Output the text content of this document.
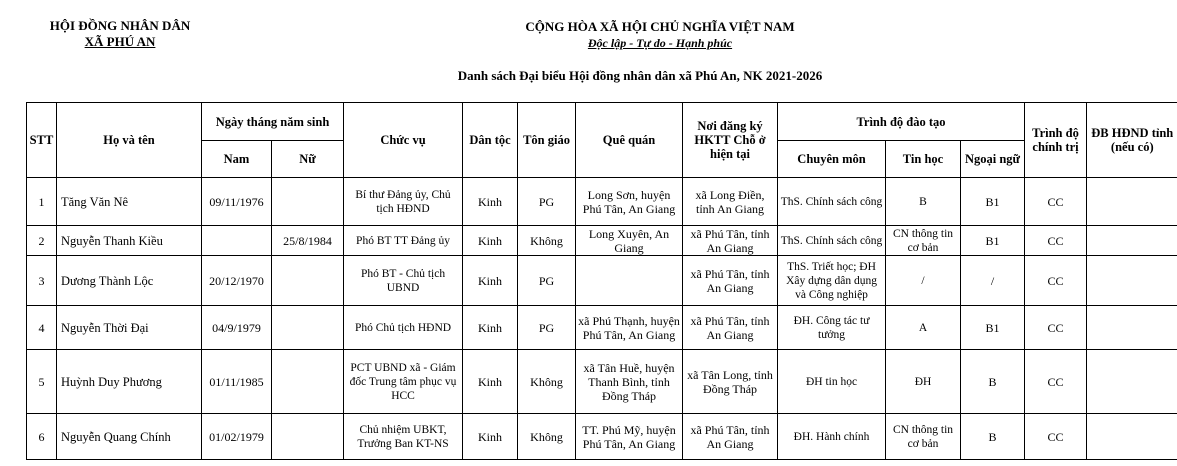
HỘI ĐỒNG NHÂN DÂN
XÃ PHÚ AN
CỘNG HÒA XÃ HỘI CHỦ NGHĨA VIỆT NAM
Độc lập - Tự do - Hạnh phúc
Danh sách Đại biểu Hội đồng nhân dân xã Phú An, NK 2021-2026
STT	Họ và tên	Ngày tháng năm sinh		Chức vụ	Dân tộc	Tôn giáo	Quê quán	Nơi đăng ký HKTT Chỗ ở hiện tại	Trình độ đào tạo			Trình độ chính trị	ĐB HĐND tỉnh (nếu có)
		Nam	Nữ						Chuyên môn	Tin học	Ngoại ngữ		
1	Tăng Văn Nê	09/11/1976		Bí thư Đảng ủy, Chủ tịch HĐND	Kinh	PG	Long Sơn, huyện Phú Tân, An Giang	xã Long Điền, tỉnh An Giang	ThS. Chính sách công	B	B1	CC	
2	Nguyễn Thanh Kiều		25/8/1984	Phó BT TT Đảng ủy	Kinh	Không	Long Xuyên, An Giang	xã Phú Tân, tỉnh An Giang	ThS. Chính sách công	CN thông tin cơ bản	B1	CC	
3	Dương Thành Lộc	20/12/1970		Phó BT - Chủ tịch UBND	Kinh	PG		xã Phú Tân, tỉnh An Giang	ThS. Triết học; ĐH Xây dựng dân dụng và Công nghiệp	/	/	CC	
4	Nguyễn Thời Đại	04/9/1979		Phó Chủ tịch HĐND	Kinh	PG	xã Phú Thạnh, huyện Phú Tân, An Giang	xã Phú Tân, tỉnh An Giang	ĐH. Công tác tư tưởng	A	B1	CC	
5	Huỳnh Duy Phương	01/11/1985		PCT UBND xã - Giám đốc Trung tâm phục vụ HCC	Kinh	Không	xã Tân Huề, huyện Thanh Bình, tỉnh Đồng Tháp	xã Tân Long, tỉnh Đồng Tháp	ĐH tin học	ĐH	B	CC	
6	Nguyễn Quang Chính	01/02/1979		Chủ nhiệm UBKT, Trưởng Ban KT-NS	Kinh	Không	TT. Phú Mỹ, huyện Phú Tân, An Giang	xã Phú Tân, tỉnh An Giang	ĐH. Hành chính	CN thông tin cơ bản	B	CC	
